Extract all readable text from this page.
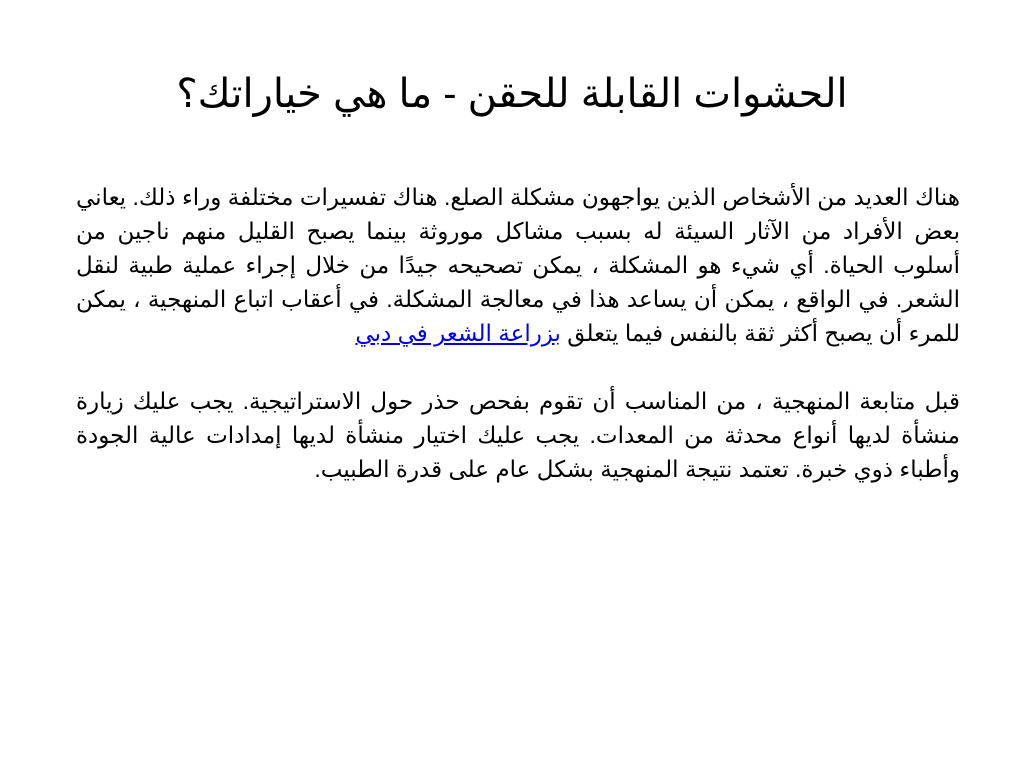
الحشوات القابلة للحقن - ما هي خياراتك؟

هناك العديد من الأشخاص الذين يواجهون مشكلة الصلع. هناك تفسيرات مختلفة وراء ذلك. يعاني بعض الأفراد من الآثار السيئة له بسبب مشاكل موروثة بينما يصبح القليل منهم ناجين من أسلوب الحياة. أي شيء هو المشكلة ، يمكن تصحيحه جيدًا من خلال إجراء عملية طبية لنقل الشعر. في الواقع ، يمكن أن يساعد هذا في معالجة المشكلة. في أعقاب اتباع المنهجية ، يمكن للمرء أن يصبح أكثر ثقة بالنفس فيما يتعلق بزراعة الشعر في دبي

قبل متابعة المنهجية ، من المناسب أن تقوم بفحص حذر حول الاستراتيجية. يجب عليك زيارة منشأة لديها أنواع محدثة من المعدات. يجب عليك اختيار منشأة لديها إمدادات عالية الجودة وأطباء ذوي خبرة. تعتمد نتيجة المنهجية بشكل عام على قدرة الطبيب.
